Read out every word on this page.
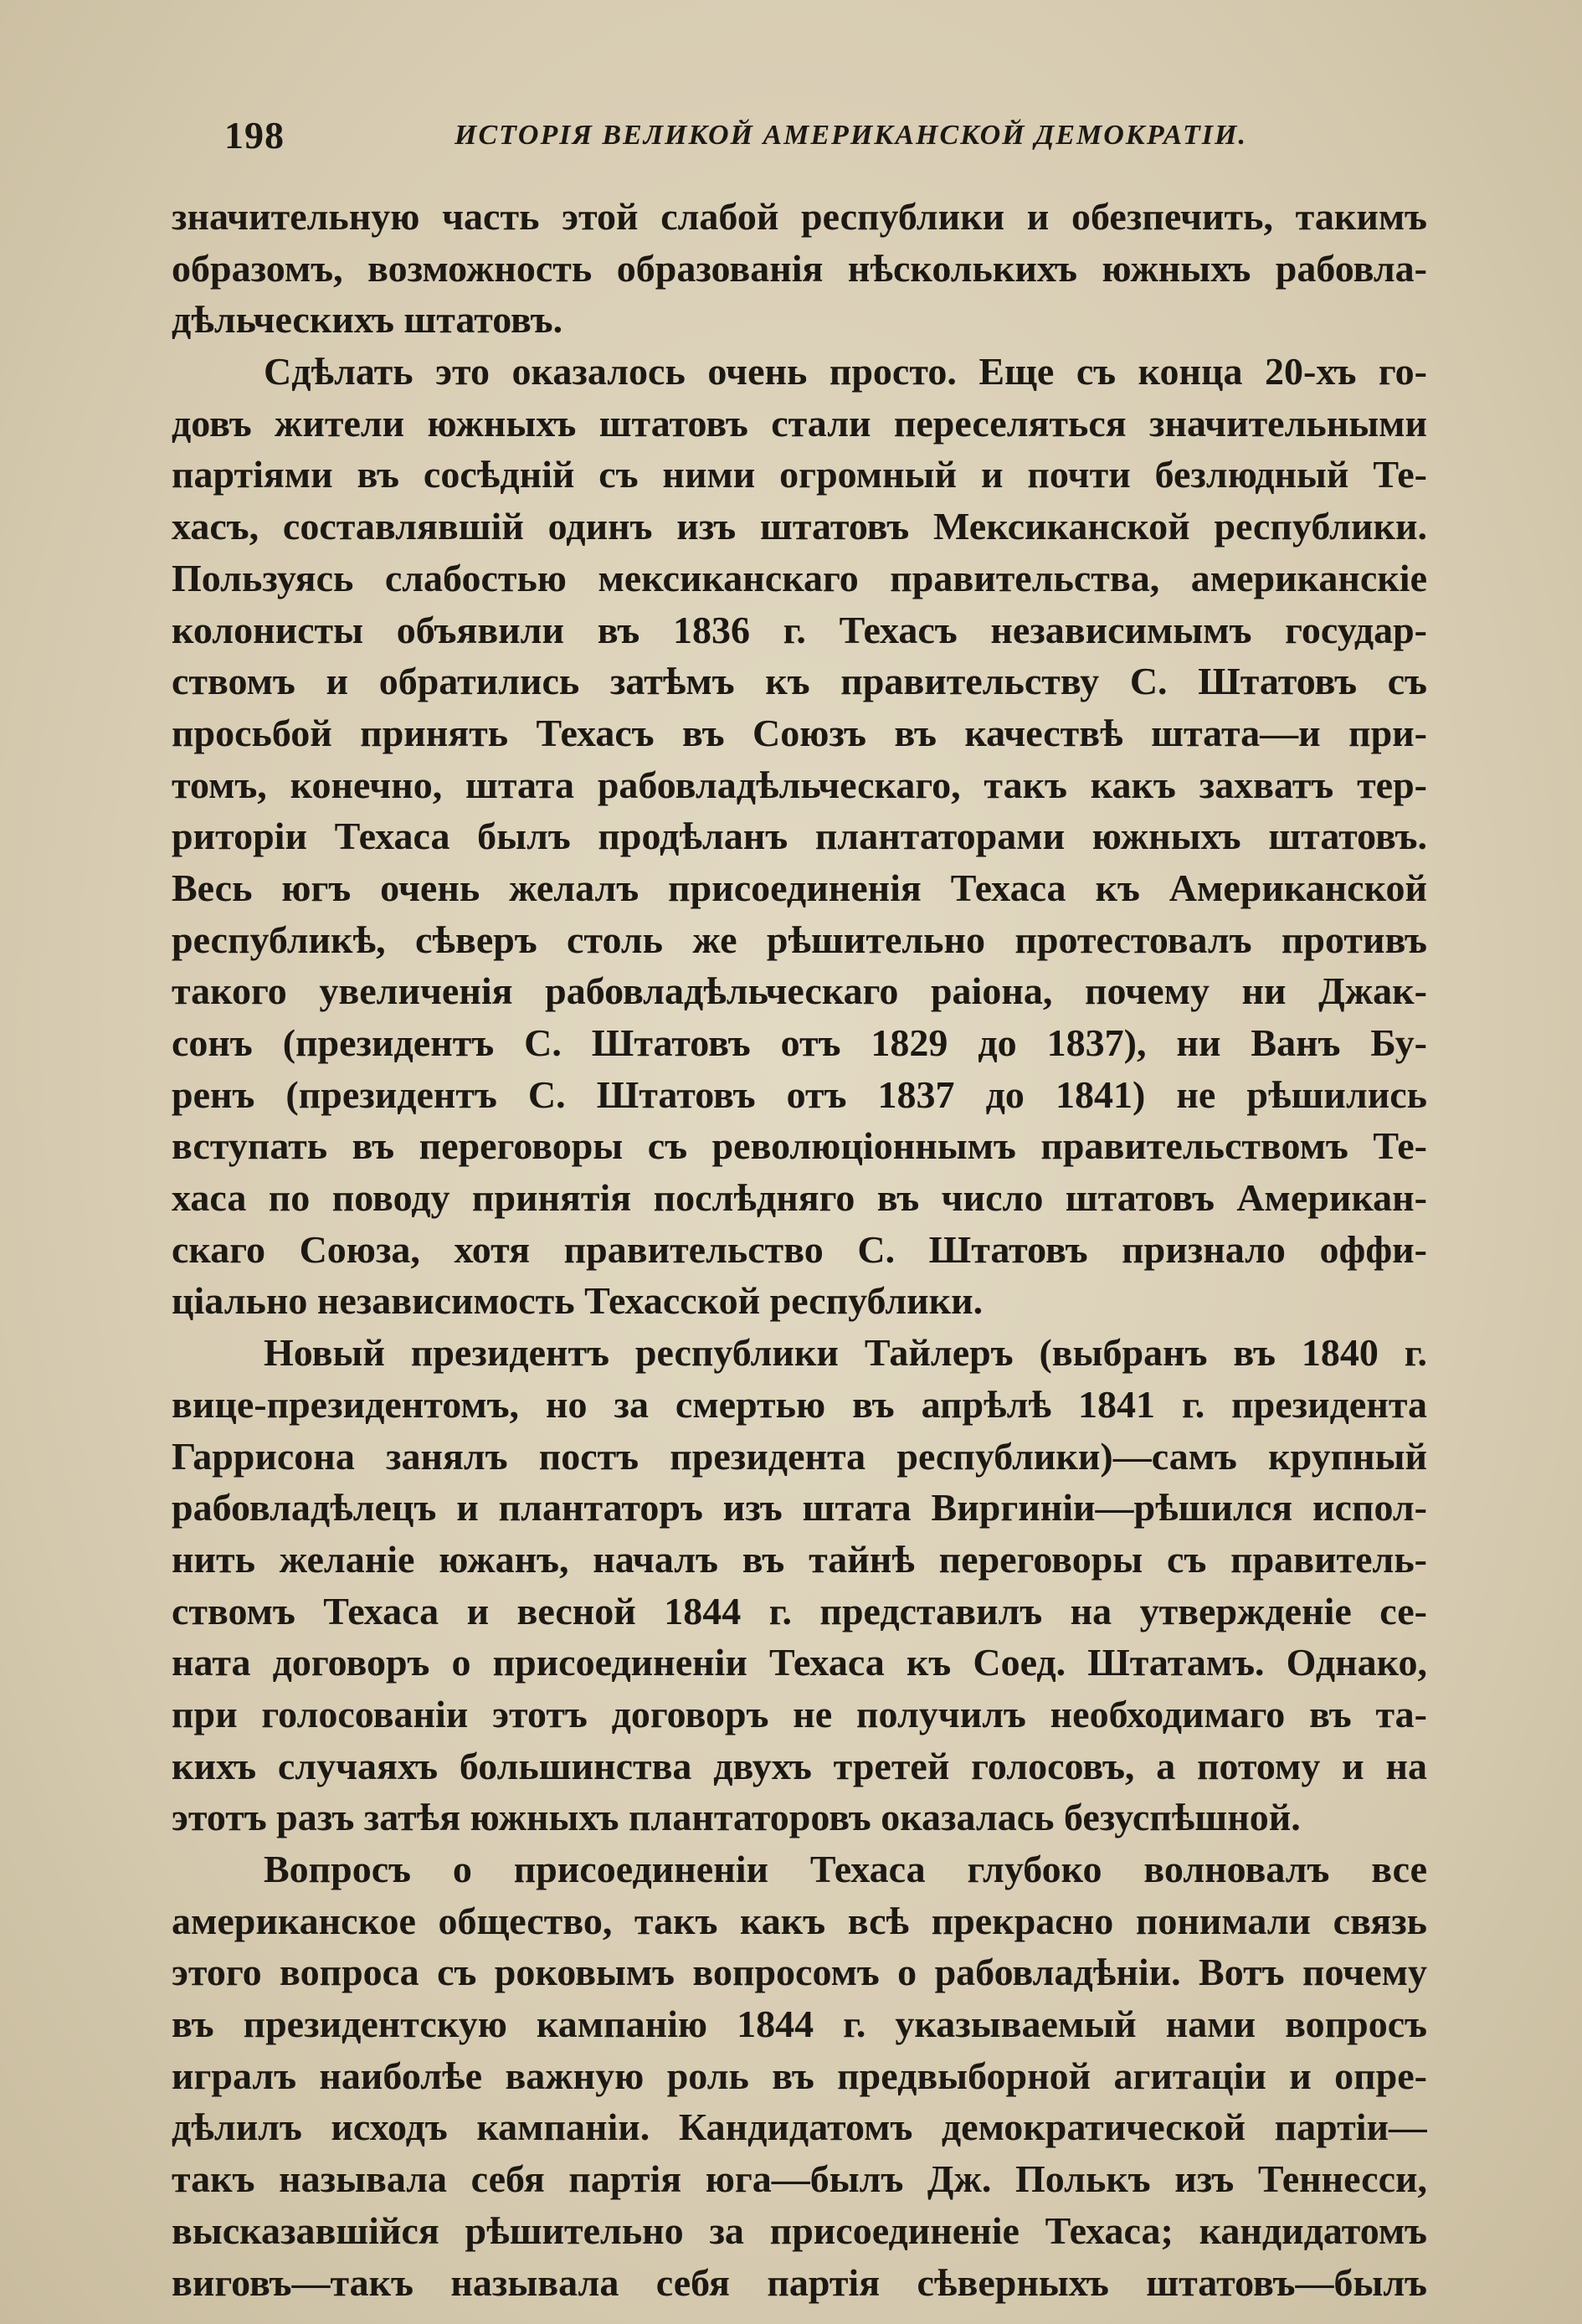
198	ИСТОРІЯ ВЕЛИКОЙ АМЕРИКАНСКОЙ ДЕМОКРАТІИ.
значительную часть этой слабой республики и обезпечить, такимъ
образомъ, возможность образованія нѣсколькихъ южныхъ рабовла-
дѣльческихъ штатовъ.
Сдѣлать это оказалось очень просто. Еще съ конца 20-хъ го-
довъ жители южныхъ штатовъ стали переселяться значительными
партіями въ сосѣдній съ ними огромный и почти безлюдный Те-
хасъ, составлявшій одинъ изъ штатовъ Мексиканской республики.
Пользуясь слабостью мексиканскаго правительства, американскіе
колонисты объявили въ 1836 г. Техасъ независимымъ государ-
ствомъ и обратились затѣмъ къ правительству С. Штатовъ съ
просьбой принять Техасъ въ Союзъ въ качествѣ штата—и при-
томъ, конечно, штата рабовладѣльческаго, такъ какъ захватъ тер-
риторіи Техаса былъ продѣланъ плантаторами южныхъ штатовъ.
Весь югъ очень желалъ присоединенія Техаса къ Американской
республикѣ, сѣверъ столь же рѣшительно протестовалъ противъ
такого увеличенія рабовладѣльческаго раіона, почему ни Джак-
сонъ (президентъ С. Штатовъ отъ 1829 до 1837), ни Ванъ Бу-
ренъ (президентъ С. Штатовъ отъ 1837 до 1841) не рѣшились
вступать въ переговоры съ революціоннымъ правительствомъ Те-
хаса по поводу принятія послѣдняго въ число штатовъ Американ-
скаго Союза, хотя правительство С. Штатовъ признало оффи-
ціально независимость Техасской республики.
Новый президентъ республики Тайлеръ (выбранъ въ 1840 г.
вице-президентомъ, но за смертью въ апрѣлѣ 1841 г. президента
Гаррисона занялъ постъ президента республики)—самъ крупный
рабовладѣлецъ и плантаторъ изъ штата Виргиніи—рѣшился испол-
нить желаніе южанъ, началъ въ тайнѣ переговоры съ правитель-
ствомъ Техаса и весной 1844 г. представилъ на утвержденіе се-
ната договоръ о присоединеніи Техаса къ Соед. Штатамъ. Однако,
при голосованіи этотъ договоръ не получилъ необходимаго въ та-
кихъ случаяхъ большинства двухъ третей голосовъ, а потому и на
этотъ разъ затѣя южныхъ плантаторовъ оказалась безуспѣшной.
Вопросъ о присоединеніи Техаса глубоко волновалъ все
американское общество, такъ какъ всѣ прекрасно понимали связь
этого вопроса съ роковымъ вопросомъ о рабовладѣніи. Вотъ почему
въ президентскую кампанію 1844 г. указываемый нами вопросъ
игралъ наиболѣе важную роль въ предвыборной агитаціи и опре-
дѣлилъ исходъ кампаніи. Кандидатомъ демократической партіи—
такъ называла себя партія юга—былъ Дж. Полькъ изъ Теннесси,
высказавшійся рѣшительно за присоединеніе Техаса; кандидатомъ
виговъ—такъ называла себя партія сѣверныхъ штатовъ—былъ
